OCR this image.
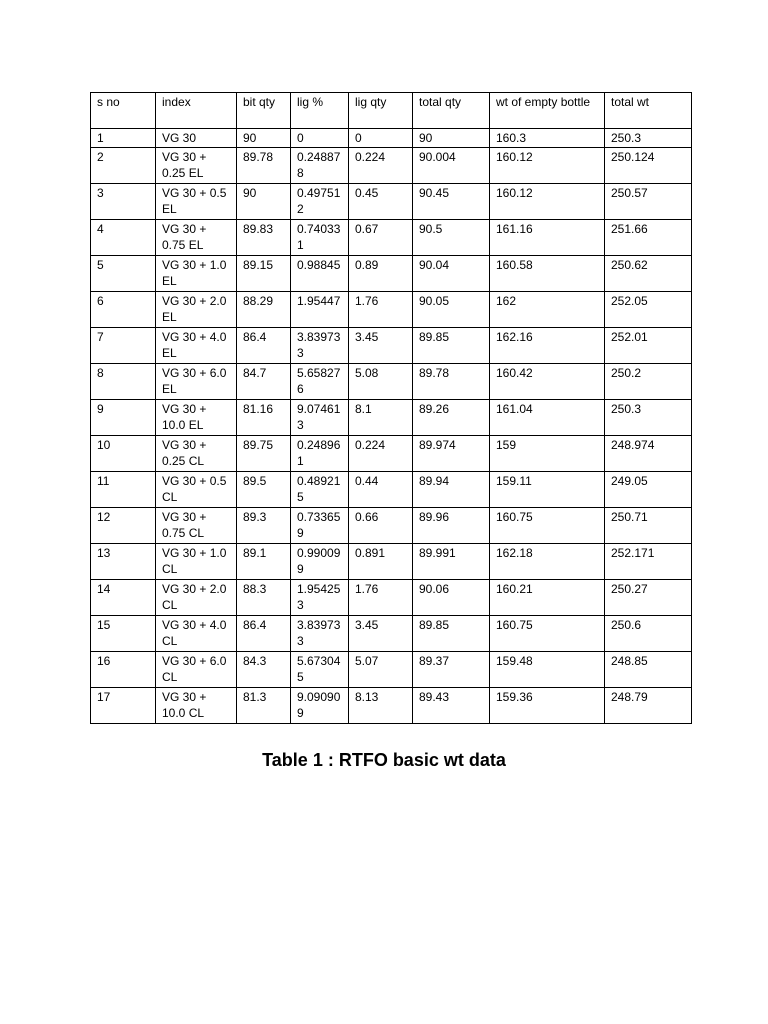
s no	index	bit qty	lig %	lig qty	total qty	wt of empty bottle	total wt
1	VG 30	90	0	0	90	160.3	250.3
2	VG 30 + 0.25 EL	89.78	0.248878	0.224	90.004	160.12	250.124
3	VG 30 + 0.5 EL	90	0.497512	0.45	90.45	160.12	250.57
4	VG 30 + 0.75 EL	89.83	0.740331	0.67	90.5	161.16	251.66
5	VG 30 + 1.0 EL	89.15	0.98845	0.89	90.04	160.58	250.62
6	VG 30 + 2.0 EL	88.29	1.95447	1.76	90.05	162	252.05
7	VG 30 + 4.0 EL	86.4	3.839733	3.45	89.85	162.16	252.01
8	VG 30 + 6.0 EL	84.7	5.658276	5.08	89.78	160.42	250.2
9	VG 30 + 10.0 EL	81.16	9.074613	8.1	89.26	161.04	250.3
10	VG 30 + 0.25 CL	89.75	0.248961	0.224	89.974	159	248.974
11	VG 30 + 0.5 CL	89.5	0.489215	0.44	89.94	159.11	249.05
12	VG 30 + 0.75 CL	89.3	0.733659	0.66	89.96	160.75	250.71
13	VG 30 + 1.0 CL	89.1	0.990099	0.891	89.991	162.18	252.171
14	VG 30 + 2.0 CL	88.3	1.954253	1.76	90.06	160.21	250.27
15	VG 30 + 4.0 CL	86.4	3.839733	3.45	89.85	160.75	250.6
16	VG 30 + 6.0 CL	84.3	5.673045	5.07	89.37	159.48	248.85
17	VG 30 + 10.0 CL	81.3	9.090909	8.13	89.43	159.36	248.79
Table 1 : RTFO basic wt data
